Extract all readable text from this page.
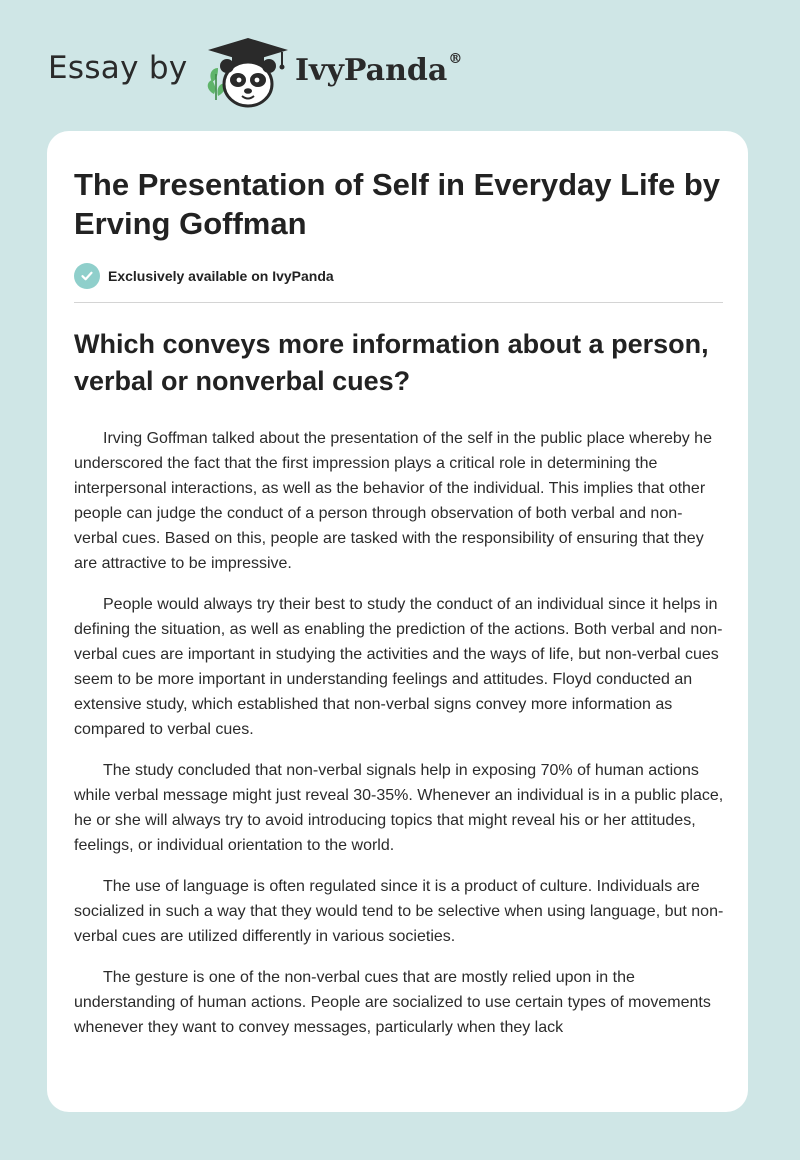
Essay by	IvyPanda®
The Presentation of Self in Everyday Life by Erving Goffman
Exclusively available on IvyPanda
Which conveys more information about a person, verbal or nonverbal cues?

Irving Goffman talked about the presentation of the self in the public place whereby he underscored the fact that the first impression plays a critical role in determining the interpersonal interactions, as well as the behavior of the individual. This implies that other people can judge the conduct of a person through observation of both verbal and non-verbal cues. Based on this, people are tasked with the responsibility of ensuring that they are attractive to be impressive.

People would always try their best to study the conduct of an individual since it helps in defining the situation, as well as enabling the prediction of the actions. Both verbal and non-verbal cues are important in studying the activities and the ways of life, but non-verbal cues seem to be more important in understanding feelings and attitudes. Floyd conducted an extensive study, which established that non-verbal signs convey more information as compared to verbal cues.

The study concluded that non-verbal signals help in exposing 70% of human actions while verbal message might just reveal 30-35%. Whenever an individual is in a public place, he or she will always try to avoid introducing topics that might reveal his or her attitudes, feelings, or individual orientation to the world.

The use of language is often regulated since it is a product of culture. Individuals are socialized in such a way that they would tend to be selective when using language, but non-verbal cues are utilized differently in various societies.

The gesture is one of the non-verbal cues that are mostly relied upon in the understanding of human actions. People are socialized to use certain types of movements whenever they want to convey messages, particularly when they lack
